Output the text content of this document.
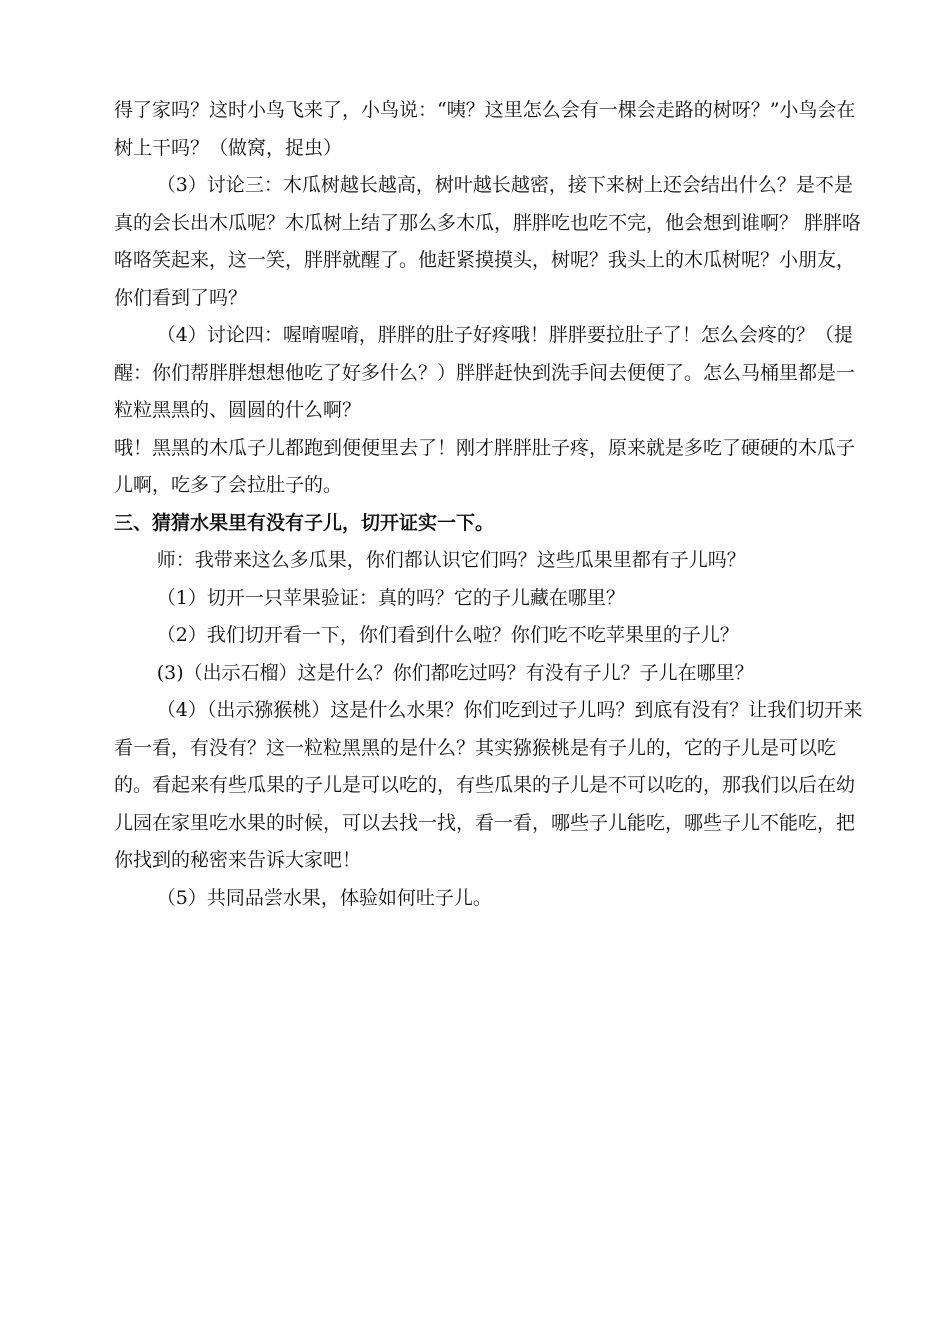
得了家吗？这时小鸟飞来了，小鸟说：“咦？这里怎么会有一棵会走路的树呀？”小鸟会在树上干吗？（做窝，捉虫）

（3）讨论三：木瓜树越长越高，树叶越长越密，接下来树上还会结出什么？是不是真的会长出木瓜呢？木瓜树上结了那么多木瓜，胖胖吃也吃不完，他会想到谁啊？ 胖胖咯咯咯笑起来，这一笑，胖胖就醒了。他赶紧摸摸头，树呢？我头上的木瓜树呢？小朋友，你们看到了吗？

（4）讨论四：喔唷喔唷，胖胖的肚子好疼哦！胖胖要拉肚子了！怎么会疼的？（提醒：你们帮胖胖想想他吃了好多什么？）胖胖赶快到洗手间去便便了。怎么马桶里都是一粒粒黑黑的、圆圆的什么啊？

哦！黑黑的木瓜子儿都跑到便便里去了！刚才胖胖肚子疼，原来就是多吃了硬硬的木瓜子儿啊，吃多了会拉肚子的。

三、猜猜水果里有没有子儿，切开证实一下。

师：我带来这么多瓜果，你们都认识它们吗？这些瓜果里都有子儿吗？

（1）切开一只苹果验证：真的吗？它的子儿藏在哪里？

（2）我们切开看一下，你们看到什么啦？你们吃不吃苹果里的子儿？

(3)（出示石榴）这是什么？你们都吃过吗？有没有子儿？子儿在哪里？

（4）（出示猕猴桃）这是什么水果？你们吃到过子儿吗？到底有没有？让我们切开来看一看，有没有？这一粒粒黑黑的是什么？其实猕猴桃是有子儿的，它的子儿是可以吃的。看起来有些瓜果的子儿是可以吃的，有些瓜果的子儿是不可以吃的，那我们以后在幼儿园在家里吃水果的时候，可以去找一找，看一看，哪些子儿能吃，哪些子儿不能吃，把你找到的秘密来告诉大家吧！

（5）共同品尝水果，体验如何吐子儿。
